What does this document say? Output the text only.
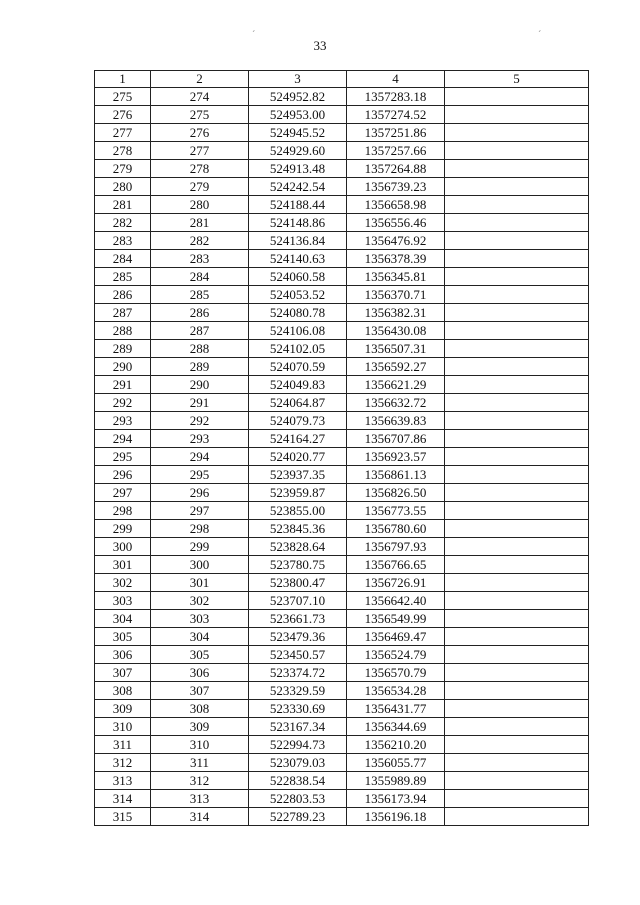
33
ˊ	ˊ
1	2	3	4	5
275	274	524952.82	1357283.18	
276	275	524953.00	1357274.52	
277	276	524945.52	1357251.86	
278	277	524929.60	1357257.66	
279	278	524913.48	1357264.88	
280	279	524242.54	1356739.23	
281	280	524188.44	1356658.98	
282	281	524148.86	1356556.46	
283	282	524136.84	1356476.92	
284	283	524140.63	1356378.39	
285	284	524060.58	1356345.81	
286	285	524053.52	1356370.71	
287	286	524080.78	1356382.31	
288	287	524106.08	1356430.08	
289	288	524102.05	1356507.31	
290	289	524070.59	1356592.27	
291	290	524049.83	1356621.29	
292	291	524064.87	1356632.72	
293	292	524079.73	1356639.83	
294	293	524164.27	1356707.86	
295	294	524020.77	1356923.57	
296	295	523937.35	1356861.13	
297	296	523959.87	1356826.50	
298	297	523855.00	1356773.55	
299	298	523845.36	1356780.60	
300	299	523828.64	1356797.93	
301	300	523780.75	1356766.65	
302	301	523800.47	1356726.91	
303	302	523707.10	1356642.40	
304	303	523661.73	1356549.99	
305	304	523479.36	1356469.47	
306	305	523450.57	1356524.79	
307	306	523374.72	1356570.79	
308	307	523329.59	1356534.28	
309	308	523330.69	1356431.77	
310	309	523167.34	1356344.69	
311	310	522994.73	1356210.20	
312	311	523079.03	1356055.77	
313	312	522838.54	1355989.89	
314	313	522803.53	1356173.94	
315	314	522789.23	1356196.18	
